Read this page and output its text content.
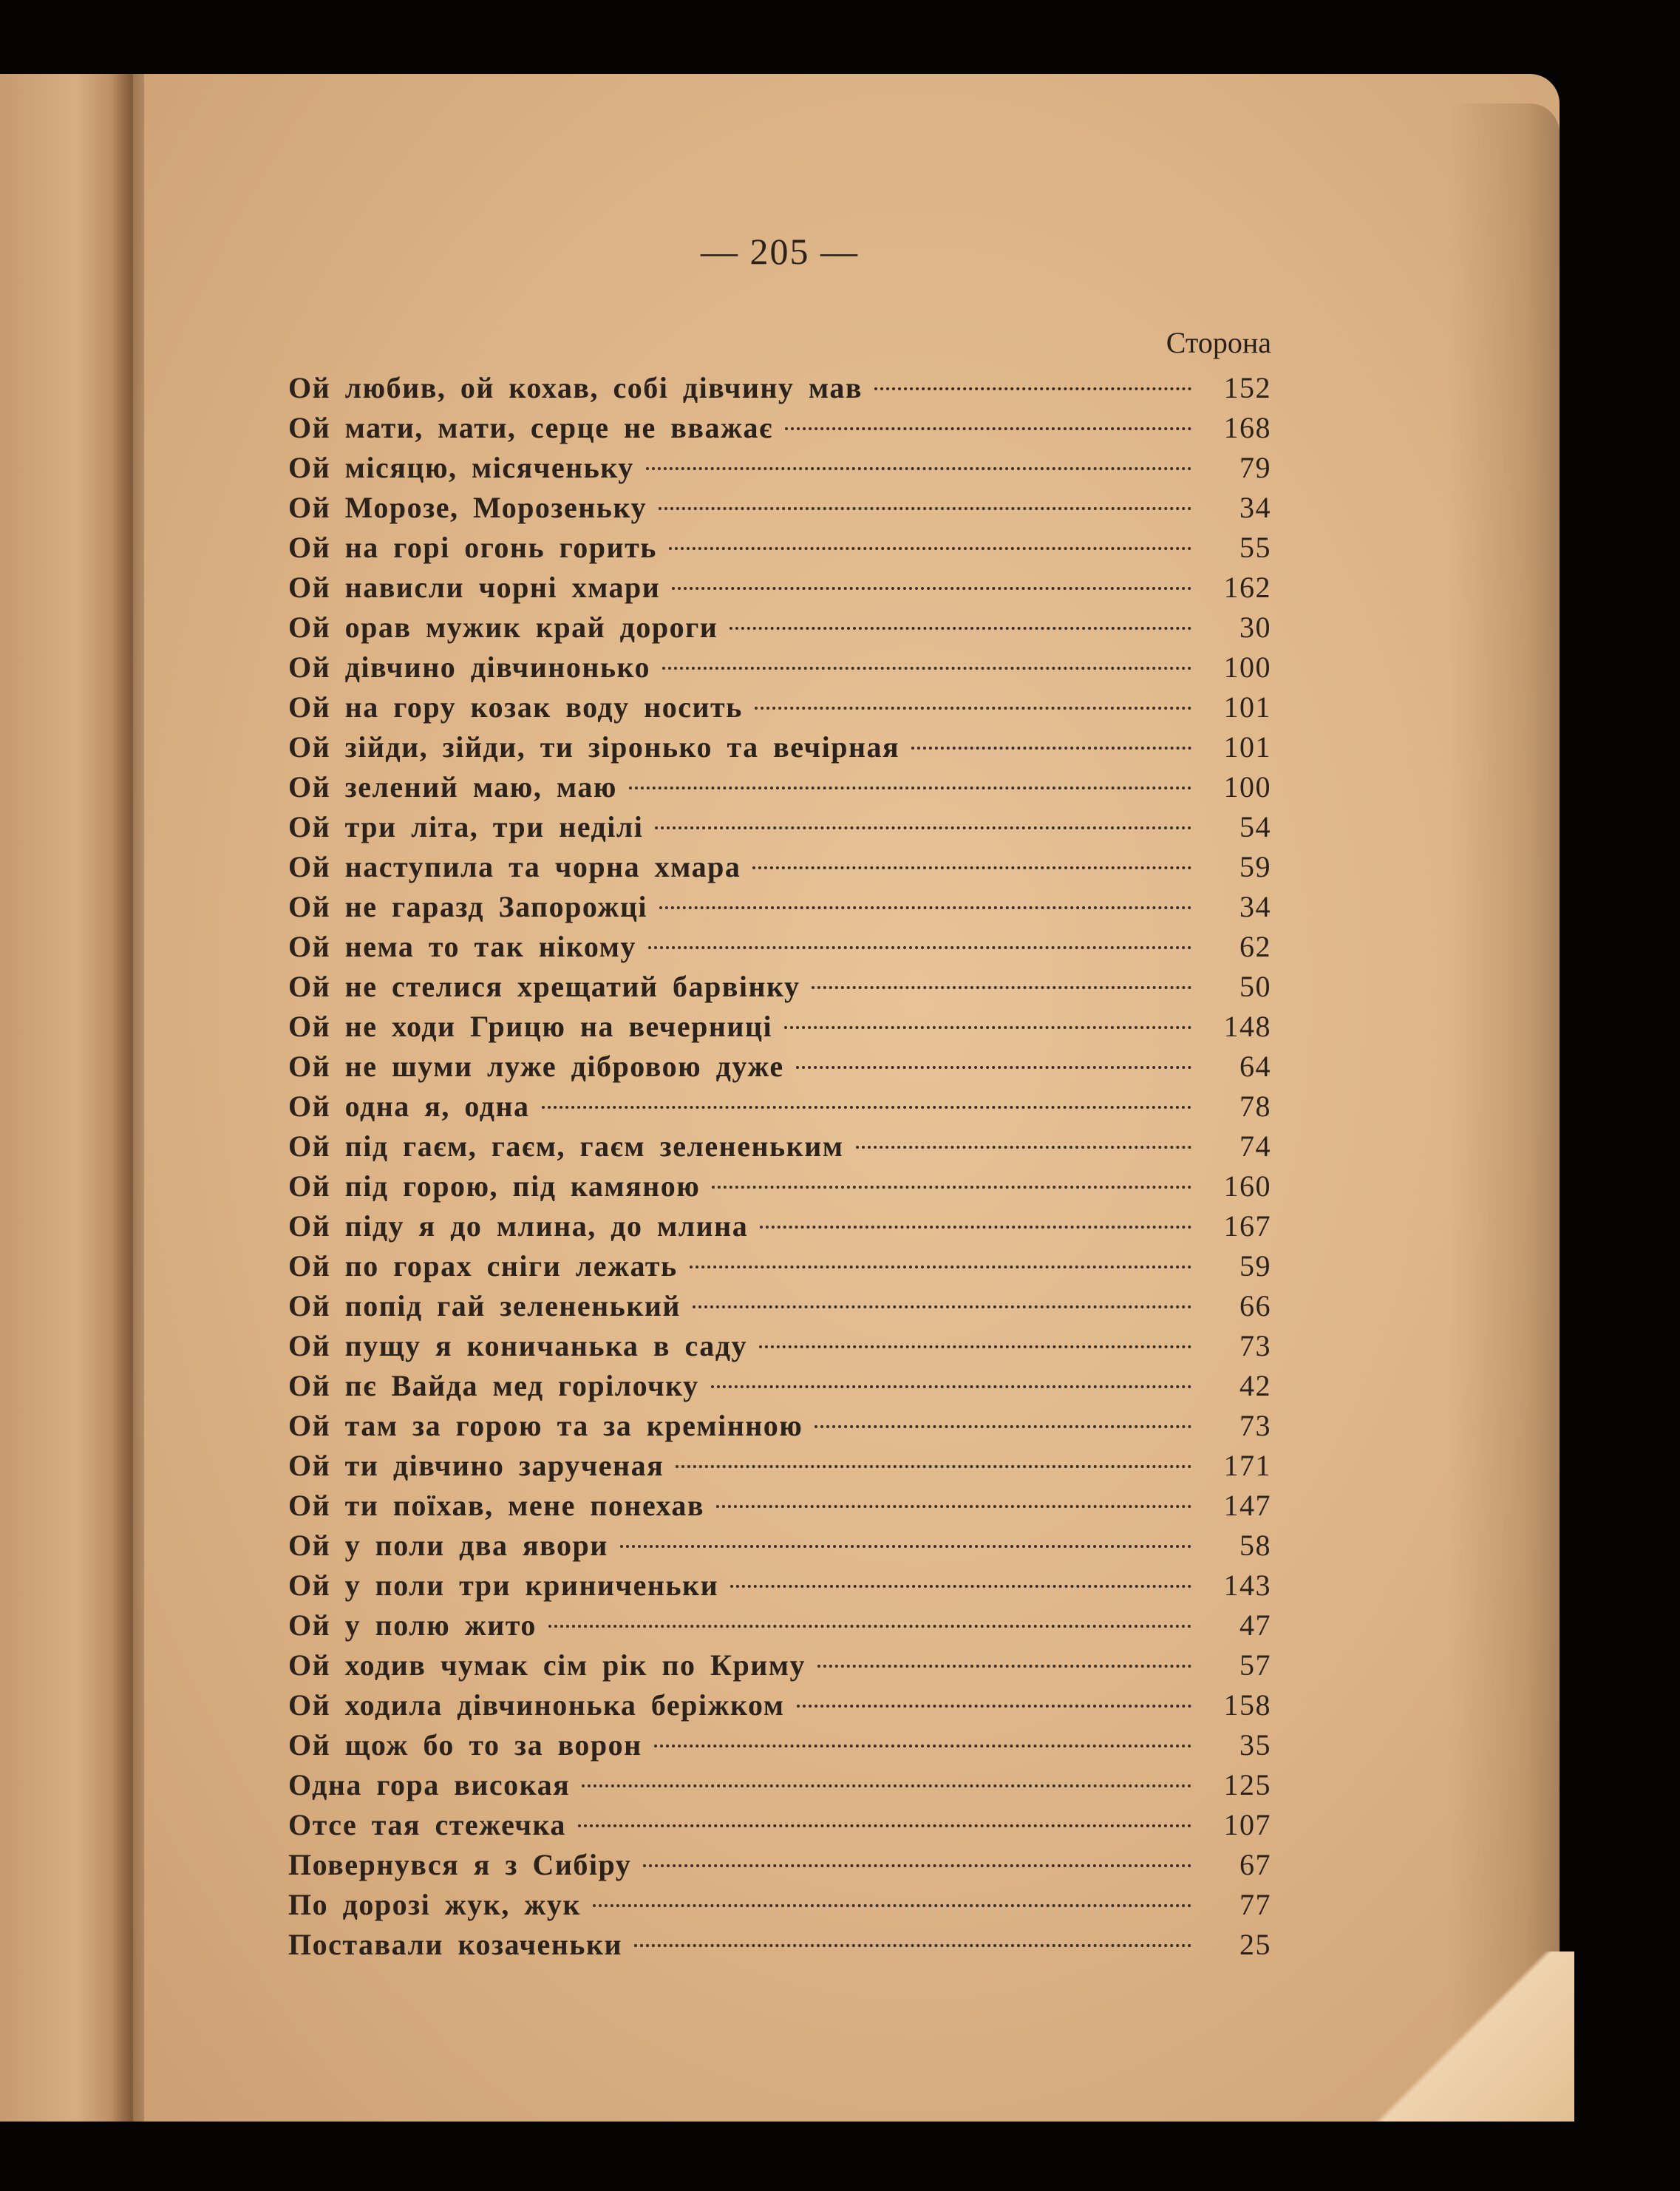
— 205 —
Сторона
Ой любив, ой кохав, собі дівчину мав	152
Ой мати, мати, серце не вважає	168
Ой місяцю, місяченьку	79
Ой Морозе, Морозеньку	34
Ой на горі огонь горить	55
Ой нависли чорні хмари	162
Ой орав мужик край дороги	30
Ой дівчино дівчинонько	100
Ой на гору козак воду носить	101
Ой зійди, зійди, ти зіронько та вечірная	101
Ой зелений маю, маю	100
Ой три літа, три неділі	54
Ой наступила та чорна хмара	59
Ой не гаразд Запорожці	34
Ой нема то так нікому	62
Ой не стелися хрещатий барвінку	50
Ой не ходи Грицю на вечерниці	148
Ой не шуми луже дібровою дуже	64
Ой одна я, одна	78
Ой під гаєм, гаєм, гаєм зелененьким	74
Ой під горою, під камяною	160
Ой піду я до млина, до млина	167
Ой по горах сніги лежать	59
Ой попід гай зелененький	66
Ой пущу я коничанька в саду	73
Ой пє Вайда мед горілочку	42
Ой там за горою та за кремінною	73
Ой ти дівчино зарученая	171
Ой ти поїхав, мене понехав	147
Ой у поли два явори	58
Ой у поли три криниченьки	143
Ой у полю жито	47
Ой ходив чумак сім рік по Криму	57
Ой ходила дівчинонька беріжком	158
Ой щож бо то за ворон	35
Одна гора високая	125
Отсе тая стежечка	107
Повернувся я з Сибіру	67
По дорозі жук, жук	77
Поставали козаченьки	25
